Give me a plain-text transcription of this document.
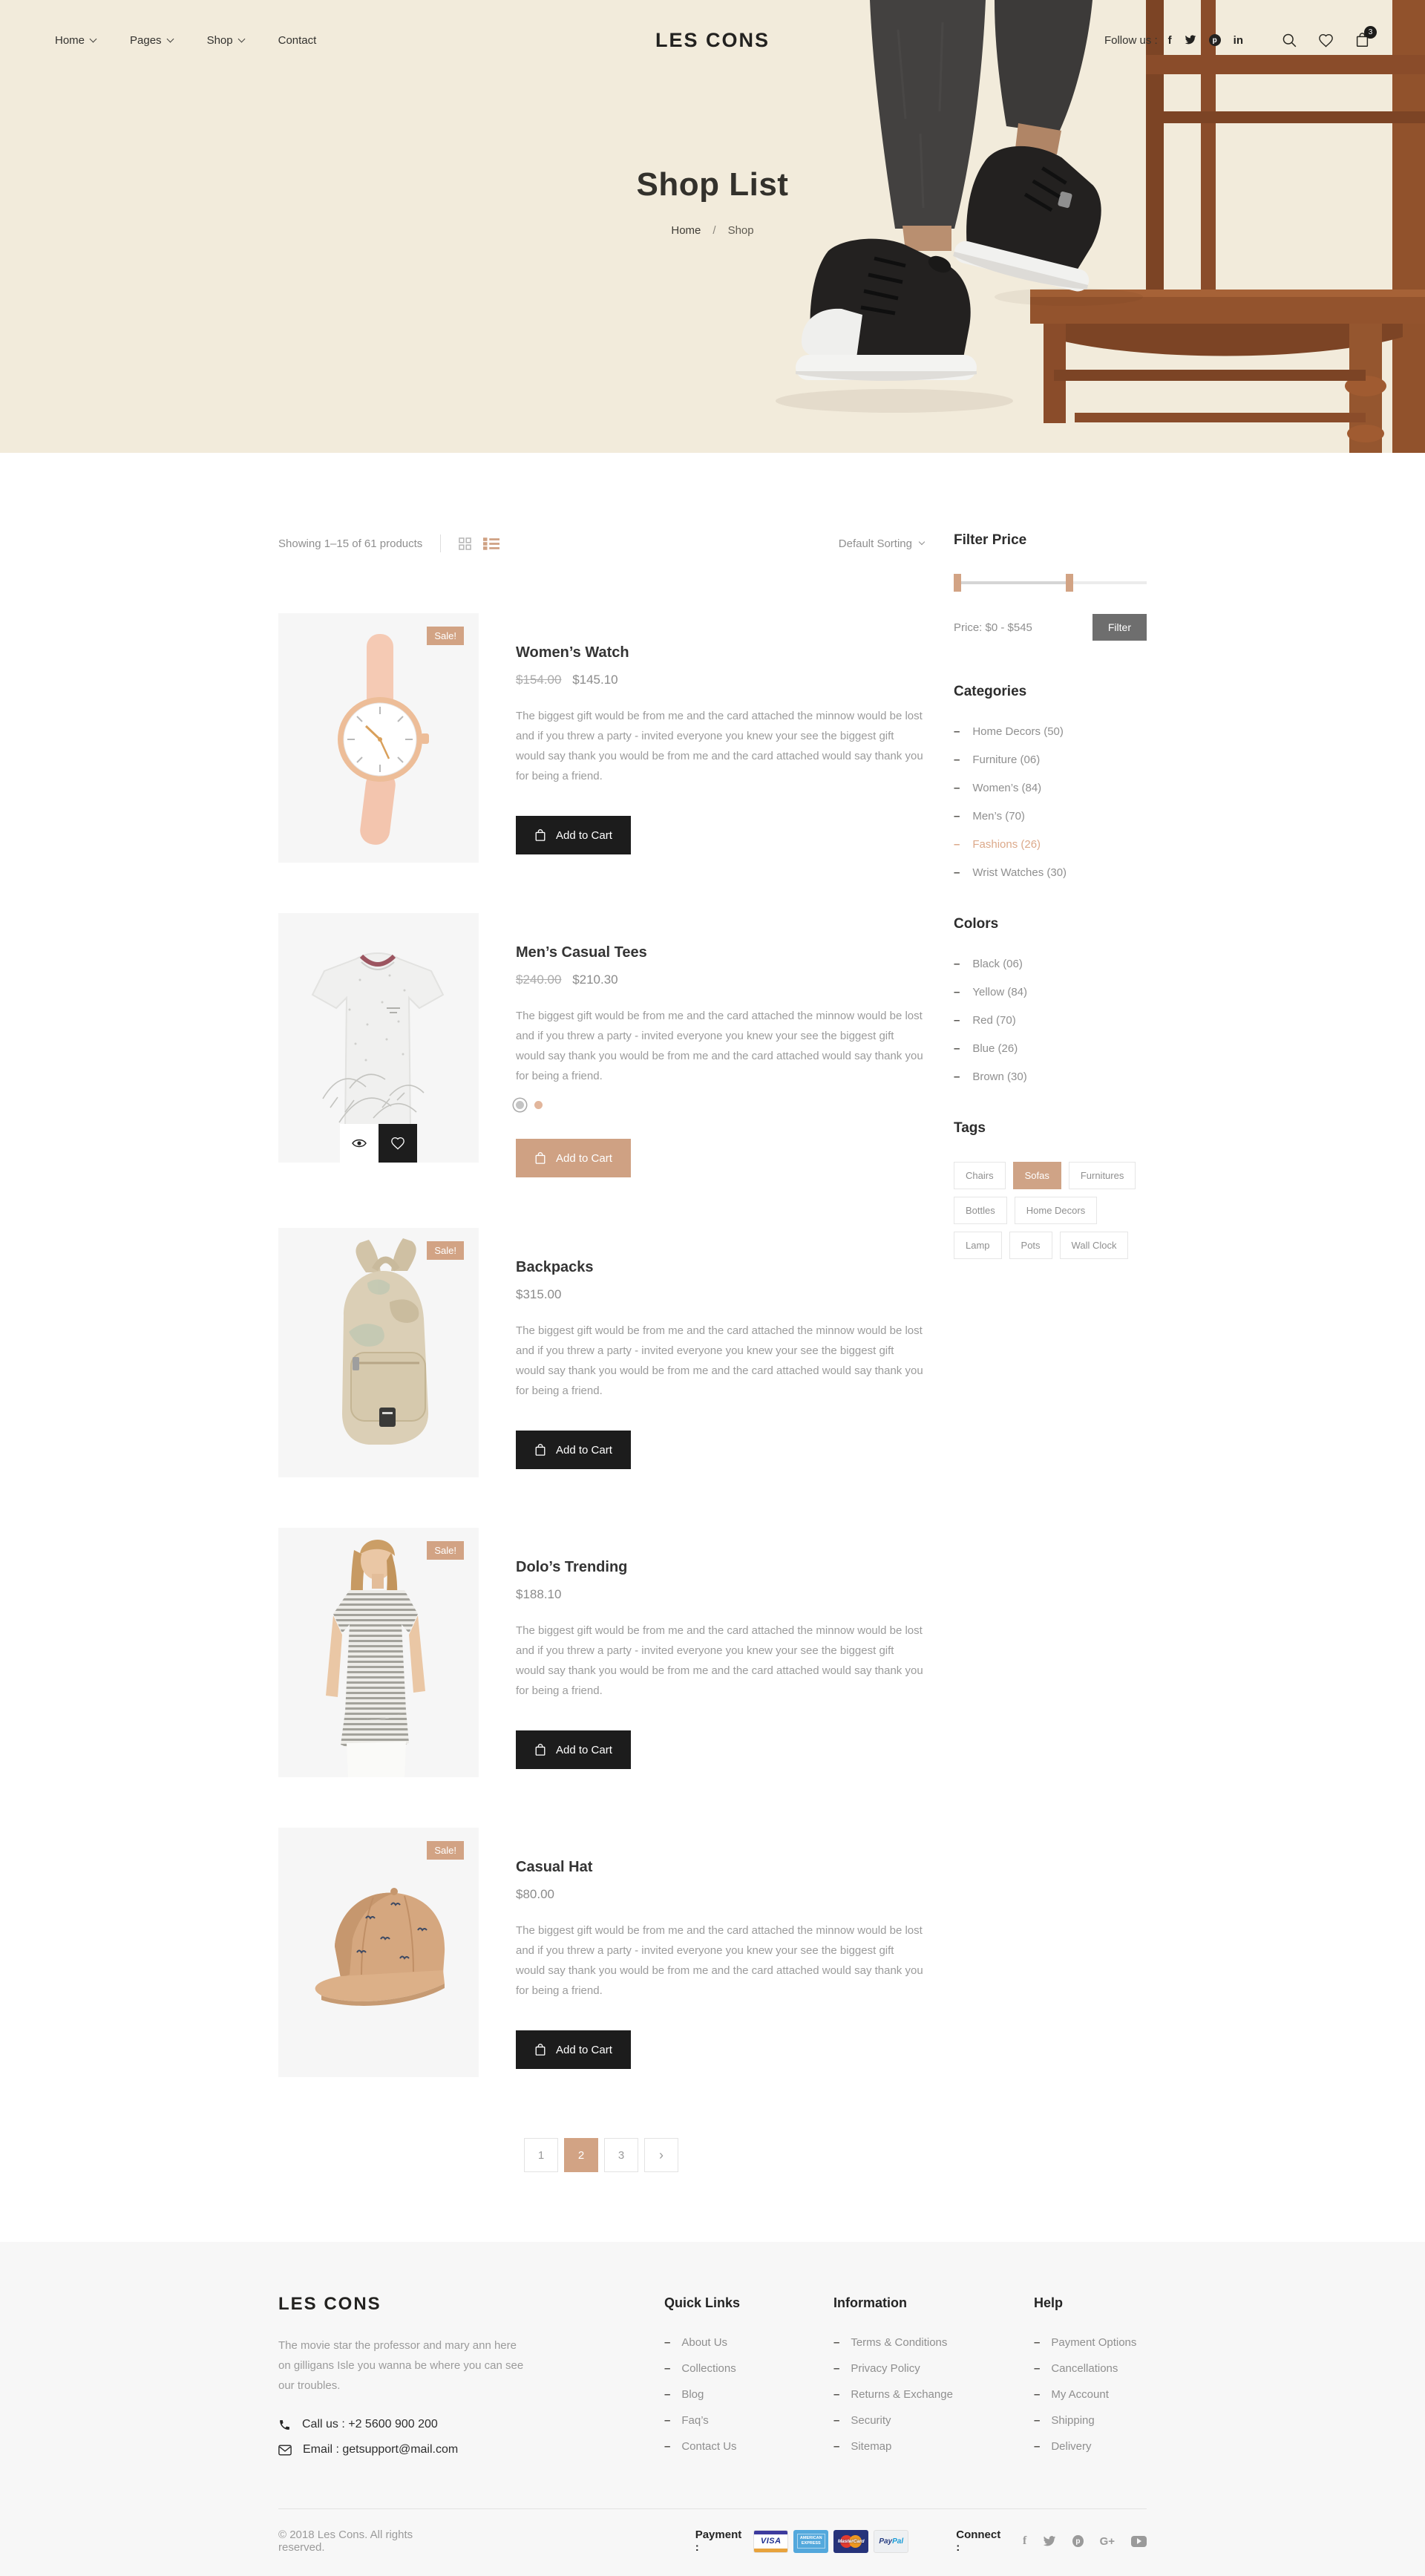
Home	Pages	Shop	Contact	LES CONS	Follow us : f	p	in
3
Shop List
Home / Shop
Showing 1–15 of 61 products	Default Sorting
Sale!
Women’s Watch
$154.00 $145.10

The biggest gift would be from me and the card attached the minnow would be lost and if you threw a party - invited everyone you knew your see the biggest gift would say thank you would be from me and the card attached would say thank you for being a friend.

Add to Cart
Men’s Casual Tees
$240.00 $210.30

The biggest gift would be from me and the card attached the minnow would be lost and if you threw a party - invited everyone you knew your see the biggest gift would say thank you would be from me and the card attached would say thank you for being a friend.

Add to Cart
Sale!
Backpacks
$315.00

The biggest gift would be from me and the card attached the minnow would be lost and if you threw a party - invited everyone you knew your see the biggest gift would say thank you would be from me and the card attached would say thank you for being a friend.

Add to Cart
Sale!
Dolo’s Trending
$188.10

The biggest gift would be from me and the card attached the minnow would be lost and if you threw a party - invited everyone you knew your see the biggest gift would say thank you would be from me and the card attached would say thank you for being a friend.

Add to Cart
Sale!
Casual Hat
$80.00

The biggest gift would be from me and the card attached the minnow would be lost and if you threw a party - invited everyone you knew your see the biggest gift would say thank you would be from me and the card attached would say thank you for being a friend.

Add to Cart
1	2	3	›
Filter Price
Price: $0 - $545	Filter
Categories
– Home Decors (50)
– Furniture (06)
– Women’s (84)
– Men’s (70)
– Fashions (26)
– Wrist Watches (30)
Colors
– Black (06)
– Yellow (84)
– Red (70)
– Blue (26)
– Brown (30)
Tags
Chairs	Sofas	Furnitures
Bottles	Home Decors
Lamp	Pots	Wall Clock
LES CONS

The movie star the professor and mary ann here on gilligans Isle you wanna be where you can see our troubles.

Call us : +2 5600 900 200
Email : getsupport@mail.com
Quick Links
– About Us
– Collections
– Blog
– Faq’s
– Contact Us
Information
– Terms & Conditions
– Privacy Policy
– Returns & Exchange
– Security
– Sitemap
Help
– Payment Options
– Cancellations
– My Account
– Shipping
– Delivery
© 2018 Les Cons. All rights reserved.
Payment :	VISA	AMERICAN
EXPRESS	MasterCard PayPal	Connect :
f	p G+
